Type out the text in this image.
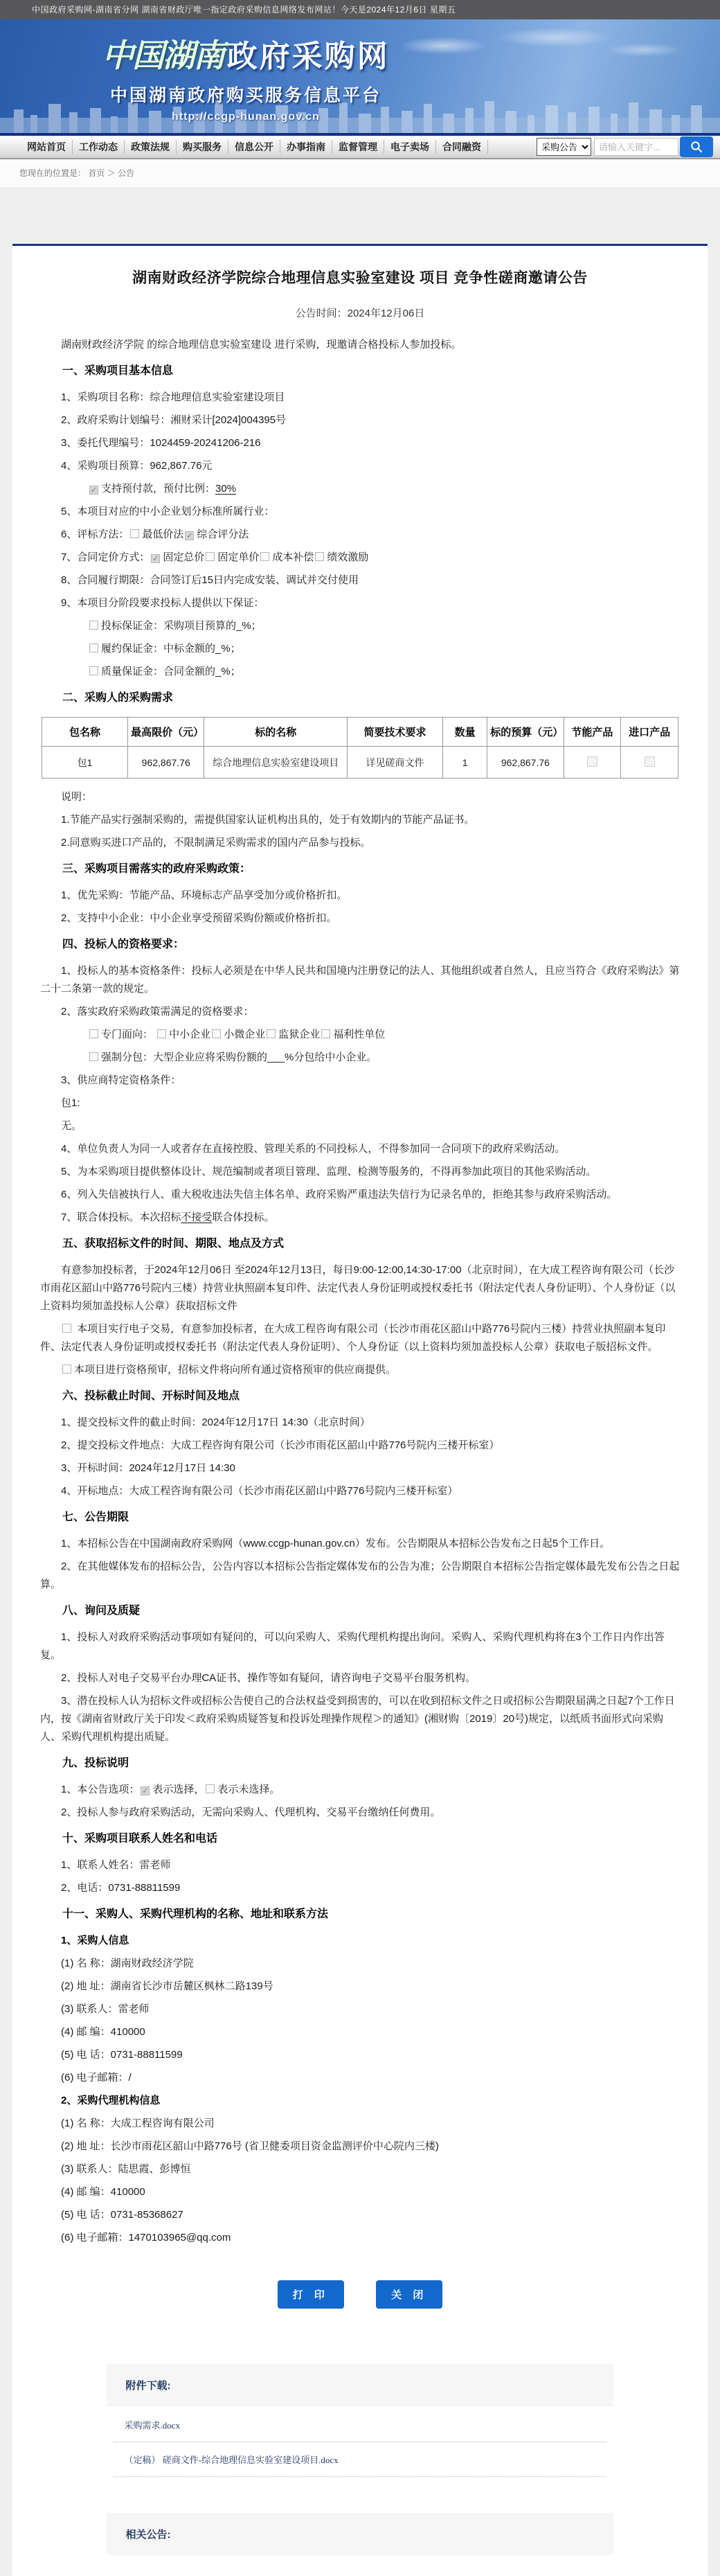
中国政府采购网-湖南省分网 湖南省财政厅唯一指定政府采购信息网络发布网站！今天是2024年12月6日 星期五
中国湖南 政府采购网
中国湖南政府购买服务信息平台
http://ccgp-hunan.gov.cn
网站首页	工作动态	政策法规	购买服务	信息公开	办事指南	监督管理	电子卖场	合同融资
采购公告
请输入关键字...
您现在的位置是： 首页 ＞ 公告
湖南财政经济学院综合地理信息实验室建设 项目 竞争性磋商邀请公告
公告时间：2024年12月06日
湖南财政经济学院 的综合地理信息实验室建设 进行采购，现邀请合格投标人参加投标。
一、采购项目基本信息
1、采购项目名称：综合地理信息实验室建设项目
2、政府采购计划编号：湘财采计[2024]004395号
3、委托代理编号：1024459-20241206-216
4、采购项目预算：962,867.76元
✓ 支持预付款，预付比例：30%
5、本项目对应的中小企业划分标准所属行业：
6、评标方法： 最低价法 ✓ 综合评分法
7、合同定价方式： ✓ 固定总价 固定单价 成本补偿 绩效激励
8、合同履行期限：合同签订后15日内完成安装、调试并交付使用
9、本项目分阶段要求投标人提供以下保证：
投标保证金：采购项目预算的_%；
履约保证金：中标金额的_%；
质量保证金：合同金额的_%；
二、采购人的采购需求
包名称	最高限价（元）	标的名称	简要技术要求	数量	标的预算（元）	节能产品	进口产品
包1	962,867.76	综合地理信息实验室建设项目	详见磋商文件	1	962,867.76		
说明：
1.节能产品实行强制采购的，需提供国家认证机构出具的，处于有效期内的节能产品证书。
2.同意购买进口产品的，不限制满足采购需求的国内产品参与投标。
三、采购项目需落实的政府采购政策：
1、优先采购：节能产品、环境标志产品享受加分或价格折扣。
2、支持中小企业：中小企业享受预留采购份额或价格折扣。
四、投标人的资格要求：
1、投标人的基本资格条件：投标人必须是在中华人民共和国境内注册登记的法人、其他组织或者自然人，且应当符合《政府采购法》第二十二条第一款的规定。
2、落实政府采购政策需满足的资格要求：
专门面向： 中小企业 小微企业 监狱企业 福利性单位
强制分包：大型企业应将采购份额的___%分包给中小企业。
3、供应商特定资格条件：
包1:
无。
4、单位负责人为同一人或者存在直接控股、管理关系的不同投标人，不得参加同一合同项下的政府采购活动。
5、为本采购项目提供整体设计、规范编制或者项目管理、监理、检测等服务的，不得再参加此项目的其他采购活动。
6、列入失信被执行人、重大税收违法失信主体名单、政府采购严重违法失信行为记录名单的，拒绝其参与政府采购活动。
7、联合体投标。本次招标不接受联合体投标。
五、获取招标文件的时间、期限、地点及方式
有意参加投标者，于2024年12月06日 至2024年12月13日，每日9:00-12:00,14:30-17:00（北京时间），在大成工程咨询有限公司（长沙市雨花区韶山中路776号院内三楼）持营业执照副本复印件、法定代表人身份证明或授权委托书（附法定代表人身份证明）、个人身份证（以上资料均须加盖投标人公章）获取招标文件
本项目实行电子交易，有意参加投标者，在大成工程咨询有限公司（长沙市雨花区韶山中路776号院内三楼）持营业执照副本复印件、法定代表人身份证明或授权委托书（附法定代表人身份证明）、个人身份证（以上资料均须加盖投标人公章）获取电子版招标文件。
本项目进行资格预审，招标文件将向所有通过资格预审的供应商提供。
六、投标截止时间、开标时间及地点
1、提交投标文件的截止时间：2024年12月17日 14:30（北京时间）
2、提交投标文件地点：大成工程咨询有限公司（长沙市雨花区韶山中路776号院内三楼开标室）
3、开标时间：2024年12月17日 14:30
4、开标地点：大成工程咨询有限公司（长沙市雨花区韶山中路776号院内三楼开标室）
七、公告期限
1、本招标公告在中国湖南政府采购网（www.ccgp-hunan.gov.cn）发布。公告期限从本招标公告发布之日起5个工作日。
2、在其他媒体发布的招标公告，公告内容以本招标公告指定媒体发布的公告为准；公告期限自本招标公告指定媒体最先发布公告之日起算。
八、询问及质疑
1、投标人对政府采购活动事项如有疑问的，可以向采购人、采购代理机构提出询问。采购人、采购代理机构将在3个工作日内作出答复。
2、投标人对电子交易平台办理CA证书、操作等如有疑问，请咨询电子交易平台服务机构。
3、潜在投标人认为招标文件或招标公告使自己的合法权益受到损害的，可以在收到招标文件之日或招标公告期限届满之日起7个工作日内，按《湖南省财政厅关于印发＜政府采购质疑答复和投诉处理操作规程＞的通知》(湘财购〔2019〕20号)规定，以纸质书面形式向采购人、采购代理机构提出质疑。
九、投标说明
1、本公告选项： ✓ 表示选择， 表示未选择。
2、投标人参与政府采购活动，无需向采购人、代理机构、交易平台缴纳任何费用。
十、采购项目联系人姓名和电话
1、联系人姓名：雷老师
2、电话：0731-88811599
十一、采购人、采购代理机构的名称、地址和联系方法
1、采购人信息
(1) 名 称：湖南财政经济学院
(2) 地 址：湖南省长沙市岳麓区枫林二路139号
(3) 联系人：雷老师
(4) 邮 编：410000
(5) 电 话：0731-88811599
(6) 电子邮箱：/
2、采购代理机构信息
(1) 名 称：大成工程咨询有限公司
(2) 地 址：长沙市雨花区韶山中路776号 (省卫健委项目资金监测评价中心院内三楼)
(3) 联系人：陆思霞、彭博恒
(4) 邮 编：410000
(5) 电 话：0731-85368627
(6) 电子邮箱：1470103965@qq.com
打 印	关 闭
附件下载:
采购需求.docx
（定稿） 磋商文件-综合地理信息实验室建设项目.docx
相关公告:
